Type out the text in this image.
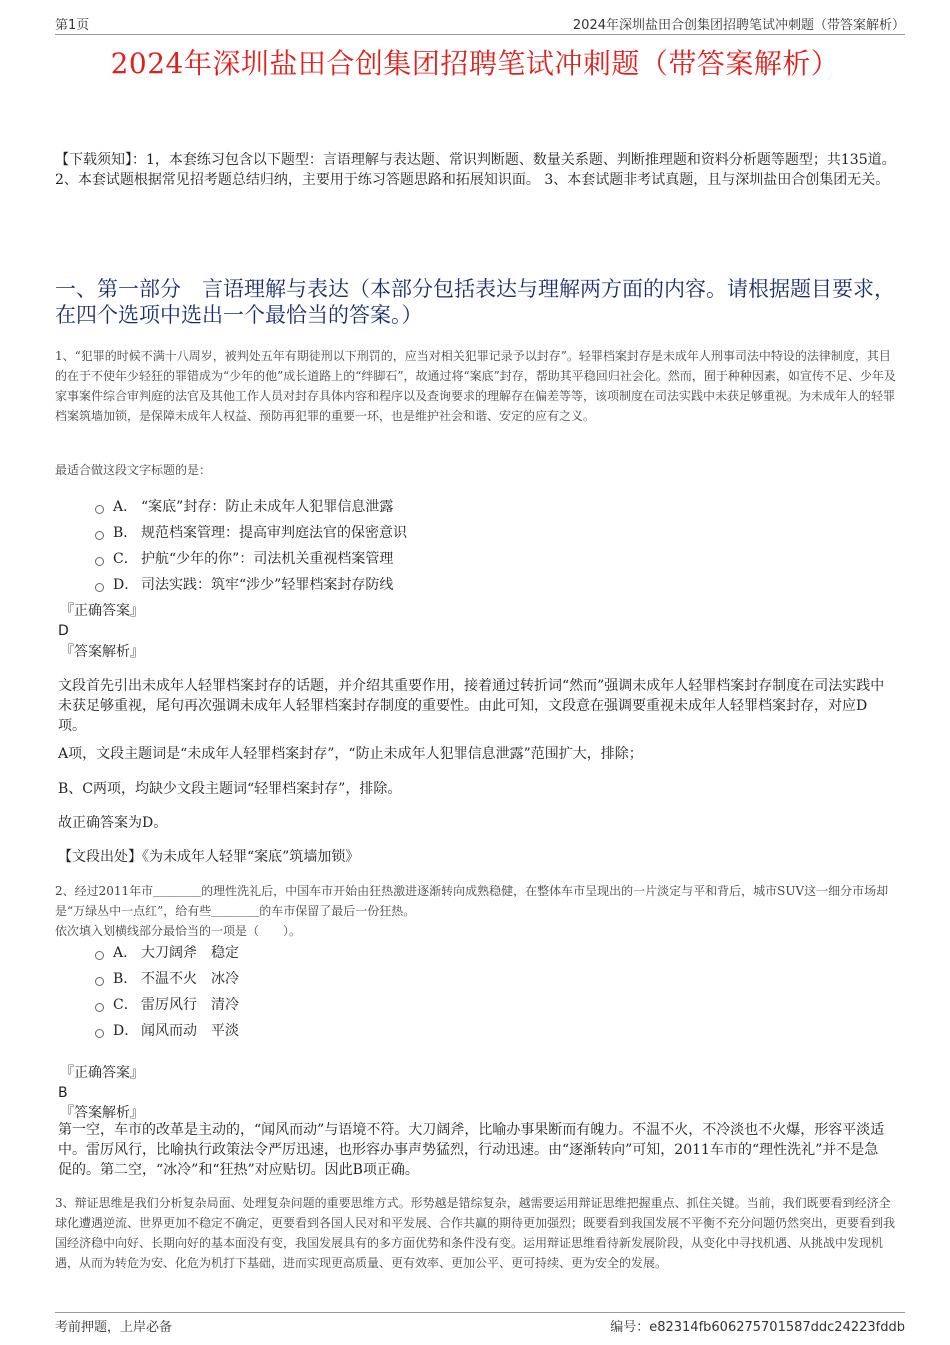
第1页	2024年深圳盐田合创集团招聘笔试冲刺题（带答案解析）
2024年深圳盐田合创集团招聘笔试冲刺题（带答案解析）
【下载须知】：1，本套练习包含以下题型：言语理解与表达题、常识判断题、数量关系题、判断推理题和资料分析题等题型；共135道。 2、本套试题根据常见招考题总结归纳，主要用于练习答题思路和拓展知识面。 3、本套试题非考试真题，且与深圳盐田合创集团无关。
一、第一部分　言语理解与表达（本部分包括表达与理解两方面的内容。请根据题目要求，在四个选项中选出一个最恰当的答案。）
1、“犯罪的时候不满十八周岁，被判处五年有期徒刑以下刑罚的，应当对相关犯罪记录予以封存”。轻罪档案封存是未成年人刑事司法中特设的法律制度，其目的在于不使年少轻狂的罪错成为“少年的他”成长道路上的“绊脚石”，故通过将“案底”封存，帮助其平稳回归社会化。然而，囿于种种因素，如宣传不足、少年及家事案件综合审判庭的法官及其他工作人员对封存具体内容和程序以及查询要求的理解存在偏差等等，该项制度在司法实践中未获足够重视。为未成年人的轻罪档案筑墙加锁，是保障未成年人权益、预防再犯罪的重要一环，也是维护社会和谐、安定的应有之义。
最适合做这段文字标题的是：
A． “案底”封存：防止未成年人犯罪信息泄露
B． 规范档案管理：提高审判庭法官的保密意识
C． 护航“少年的你”：司法机关重视档案管理
D． 司法实践：筑牢“涉少”轻罪档案封存防线
『正确答案』
D
『答案解析』
文段首先引出未成年人轻罪档案封存的话题，并介绍其重要作用，接着通过转折词“然而”强调未成年人轻罪档案封存制度在司法实践中未获足够重视，尾句再次强调未成年人轻罪档案封存制度的重要性。由此可知，文段意在强调要重视未成年人轻罪档案封存，对应D项。
A项，文段主题词是“未成年人轻罪档案封存”，“防止未成年人犯罪信息泄露”范围扩大，排除；
B、C两项，均缺少文段主题词“轻罪档案封存”，排除。
故正确答案为D。
【文段出处】《为未成年人轻罪“案底”筑墙加锁》
2、经过2011年市＿＿＿＿的理性洗礼后，中国车市开始由狂热激进逐渐转向成熟稳健，在整体车市呈现出的一片淡定与平和背后，城市SUV这一细分市场却是“万绿丛中一点红”，给有些＿＿＿＿的车市保留了最后一份狂热。
依次填入划横线部分最恰当的一项是（　　）。
A． 大刀阔斧　稳定
B． 不温不火　冰冷
C． 雷厉风行　清冷
D． 闻风而动　平淡
『正确答案』
B
『答案解析』
第一空，车市的改革是主动的，“闻风而动”与语境不符。大刀阔斧，比喻办事果断而有魄力。不温不火，不冷淡也不火爆，形容平淡适中。雷厉风行，比喻执行政策法令严厉迅速，也形容办事声势猛烈，行动迅速。由“逐渐转向”可知，2011车市的“理性洗礼”并不是急促的。第二空，“冰冷”和“狂热”对应贴切。因此B项正确。
3、辩证思维是我们分析复杂局面、处理复杂问题的重要思维方式。形势越是错综复杂，越需要运用辩证思维把握重点、抓住关键。当前，我们既要看到经济全球化遭遇逆流、世界更加不稳定不确定，更要看到各国人民对和平发展、合作共赢的期待更加强烈；既要看到我国发展不平衡不充分问题仍然突出，更要看到我国经济稳中向好、长期向好的基本面没有变，我国发展具有的多方面优势和条件没有变。运用辩证思维看待新发展阶段，从变化中寻找机遇、从挑战中发现机遇，从而为转危为安、化危为机打下基础，进而实现更高质量、更有效率、更加公平、更可持续、更为安全的发展。
考前押题，上岸必备	编号：e82314fb606275701587ddc24223fddb
